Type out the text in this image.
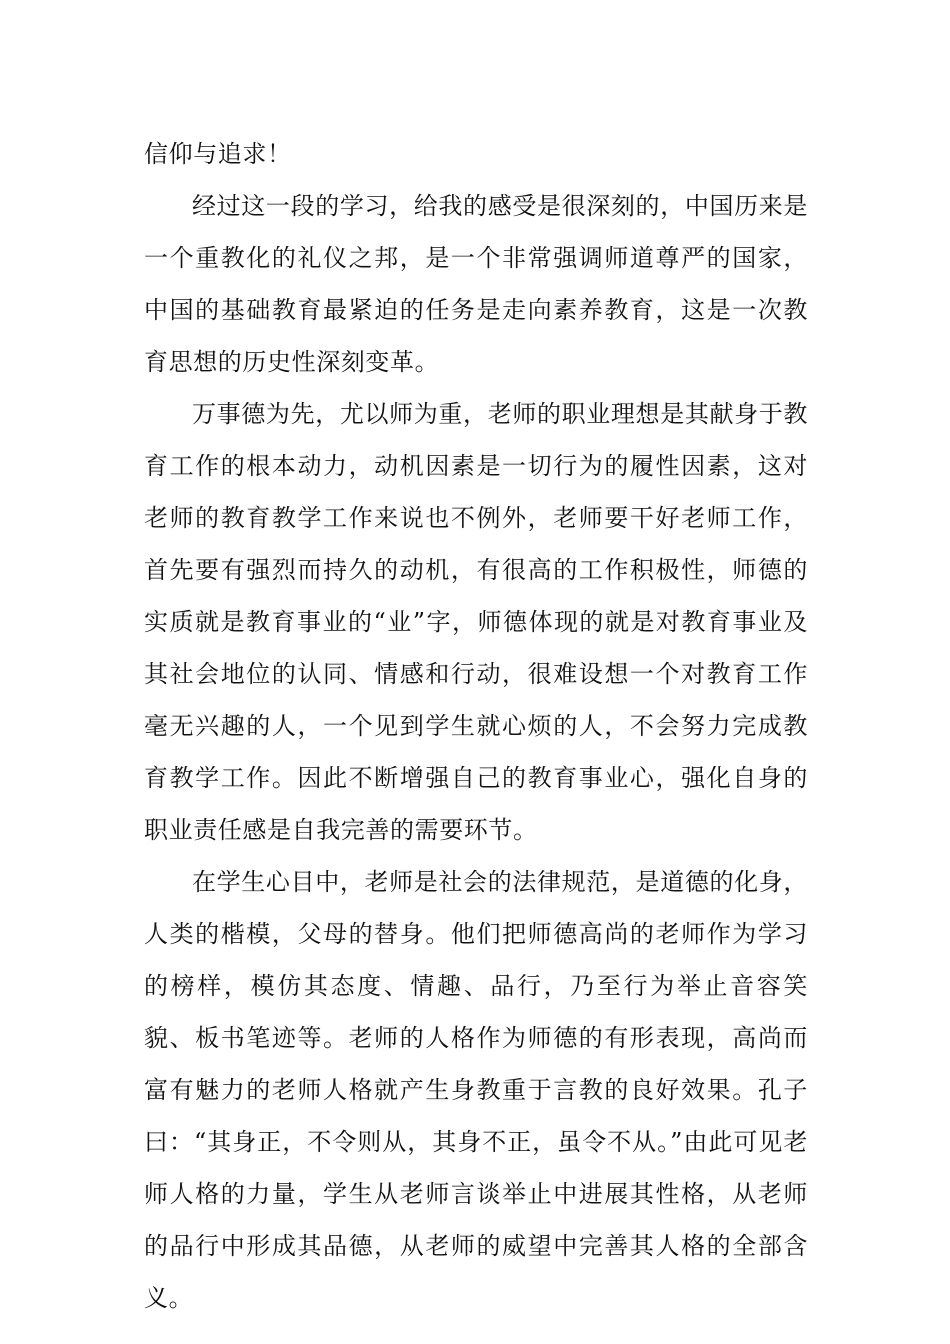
信仰与追求！

经过这一段的学习，给我的感受是很深刻的，中国历来是一个重教化的礼仪之邦，是一个非常强调师道尊严的国家，中国的基础教育最紧迫的任务是走向素养教育，这是一次教育思想的历史性深刻变革。

万事德为先，尤以师为重，老师的职业理想是其献身于教育工作的根本动力，动机因素是一切行为的履性因素，这对老师的教育教学工作来说也不例外，老师要干好老师工作，首先要有强烈而持久的动机，有很高的工作积极性，师德的实质就是教育事业的“业”字，师德体现的就是对教育事业及其社会地位的认同、情感和行动，很难设想一个对教育工作毫无兴趣的人，一个见到学生就心烦的人，不会努力完成教育教学工作。因此不断增强自己的教育事业心，强化自身的职业责任感是自我完善的需要环节。

在学生心目中，老师是社会的法律规范，是道德的化身，人类的楷模，父母的替身。他们把师德高尚的老师作为学习的榜样，模仿其态度、情趣、品行，乃至行为举止音容笑貌、板书笔迹等。老师的人格作为师德的有形表现，高尚而富有魅力的老师人格就产生身教重于言教的良好效果。孔子曰：“其身正，不令则从，其身不正，虽令不从。”由此可见老师人格的力量，学生从老师言谈举止中进展其性格，从老师的品行中形成其品德，从老师的威望中完善其人格的全部含义。
